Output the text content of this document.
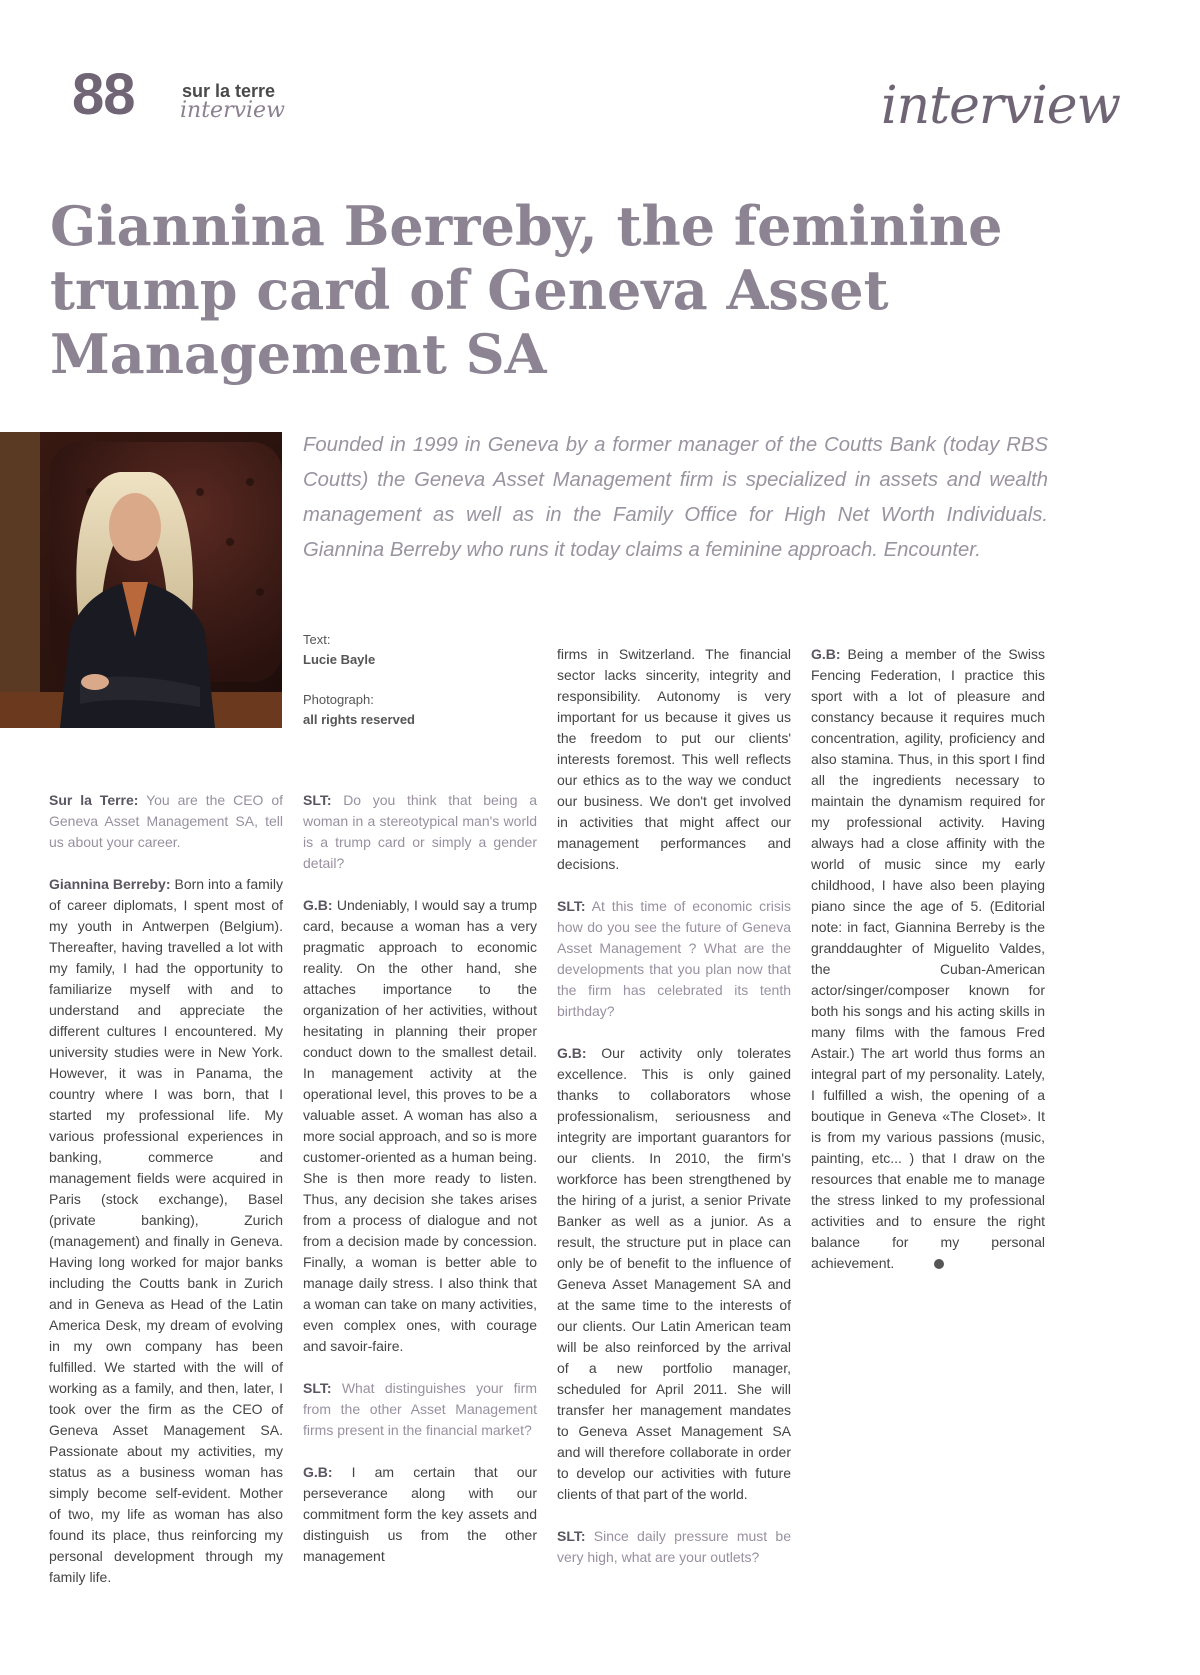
88	sur la terre
interview	interview
Giannina Berreby, the feminine trump card of Geneva Asset Management SA

Founded in 1999 in Geneva by a former manager of the Coutts Bank (today RBS Coutts) the Geneva Asset Management firm is specialized in assets and wealth management as well as in the Family Office for High Net Worth Individuals. Giannina Berreby who runs it today claims a feminine approach. Encounter.

Text:
Lucie Bayle
Photograph:
all rights reserved

Sur la Terre: You are the CEO of Geneva Asset Management SA, tell us about your career.

Giannina Berreby: Born into a family of career diplomats, I spent most of my youth in Antwerpen (Belgium). Thereafter, having travelled a lot with my family, I had the opportunity to familiarize myself with and to understand and appreciate the different cultures I encountered. My university studies were in New York. However, it was in Panama, the country where I was born, that I started my professional life. My various professional experiences in banking, commerce and management fields were acquired in Paris (stock exchange), Basel (private banking), Zurich (management) and finally in Geneva. Having long worked for major banks including the Coutts bank in Zurich and in Geneva as Head of the Latin America Desk, my dream of evolving in my own company has been fulfilled. We started with the will of working as a family, and then, later, I took over the firm as the CEO of Geneva Asset Management SA. Passionate about my activities, my status as a business woman has simply become self-evident. Mother of two, my life as woman has also found its place, thus reinforcing my personal development through my family life.

SLT: Do you think that being a woman in a stereotypical man's world is a trump card or simply a gender detail?

G.B: Undeniably, I would say a trump card, because a woman has a very pragmatic approach to economic reality. On the other hand, she attaches importance to the organization of her activities, without hesitating in planning their proper conduct down to the smallest detail. In management activity at the operational level, this proves to be a valuable asset. A woman has also a more social approach, and so is more customer-oriented as a human being. She is then more ready to listen. Thus, any decision she takes arises from a process of dialogue and not from a decision made by concession. Finally, a woman is better able to manage daily stress. I also think that a woman can take on many activities, even complex ones, with courage and savoir-faire.

SLT: What distinguishes your firm from the other Asset Management firms present in the financial market?

G.B: I am certain that our perseverance along with our commitment form the key assets and distinguish us from the other management

firms in Switzerland. The financial sector lacks sincerity, integrity and responsibility. Autonomy is very important for us because it gives us the freedom to put our clients' interests foremost. This well reflects our ethics as to the way we conduct our business. We don't get involved in activities that might affect our management performances and decisions.

SLT: At this time of economic crisis how do you see the future of Geneva Asset Management ? What are the developments that you plan now that the firm has celebrated its tenth birthday?

G.B: Our activity only tolerates excellence. This is only gained thanks to collaborators whose professionalism, seriousness and integrity are important guarantors for our clients. In 2010, the firm's workforce has been strengthened by the hiring of a jurist, a senior Private Banker as well as a junior. As a result, the structure put in place can only be of benefit to the influence of Geneva Asset Management SA and at the same time to the interests of our clients. Our Latin American team will be also reinforced by the arrival of a new portfolio manager, scheduled for April 2011. She will transfer her management mandates to Geneva Asset Management SA and will therefore collaborate in order to develop our activities with future clients of that part of the world.

SLT: Since daily pressure must be very high, what are your outlets?

G.B: Being a member of the Swiss Fencing Federation, I practice this sport with a lot of pleasure and constancy because it requires much concentration, agility, proficiency and also stamina. Thus, in this sport I find all the ingredients necessary to maintain the dynamism required for my professional activity. Having always had a close affinity with the world of music since my early childhood, I have also been playing piano since the age of 5. (Editorial note: in fact, Giannina Berreby is the granddaughter of Miguelito Valdes, the Cuban-American actor/singer/composer known for both his songs and his acting skills in many films with the famous Fred Astair.) The art world thus forms an integral part of my personality. Lately, I fulfilled a wish, the opening of a boutique in Geneva «The Closet». It is from my various passions (music, painting, etc... ) that I draw on the resources that enable me to manage the stress linked to my professional activities and to ensure the right balance for my personal achievement.
